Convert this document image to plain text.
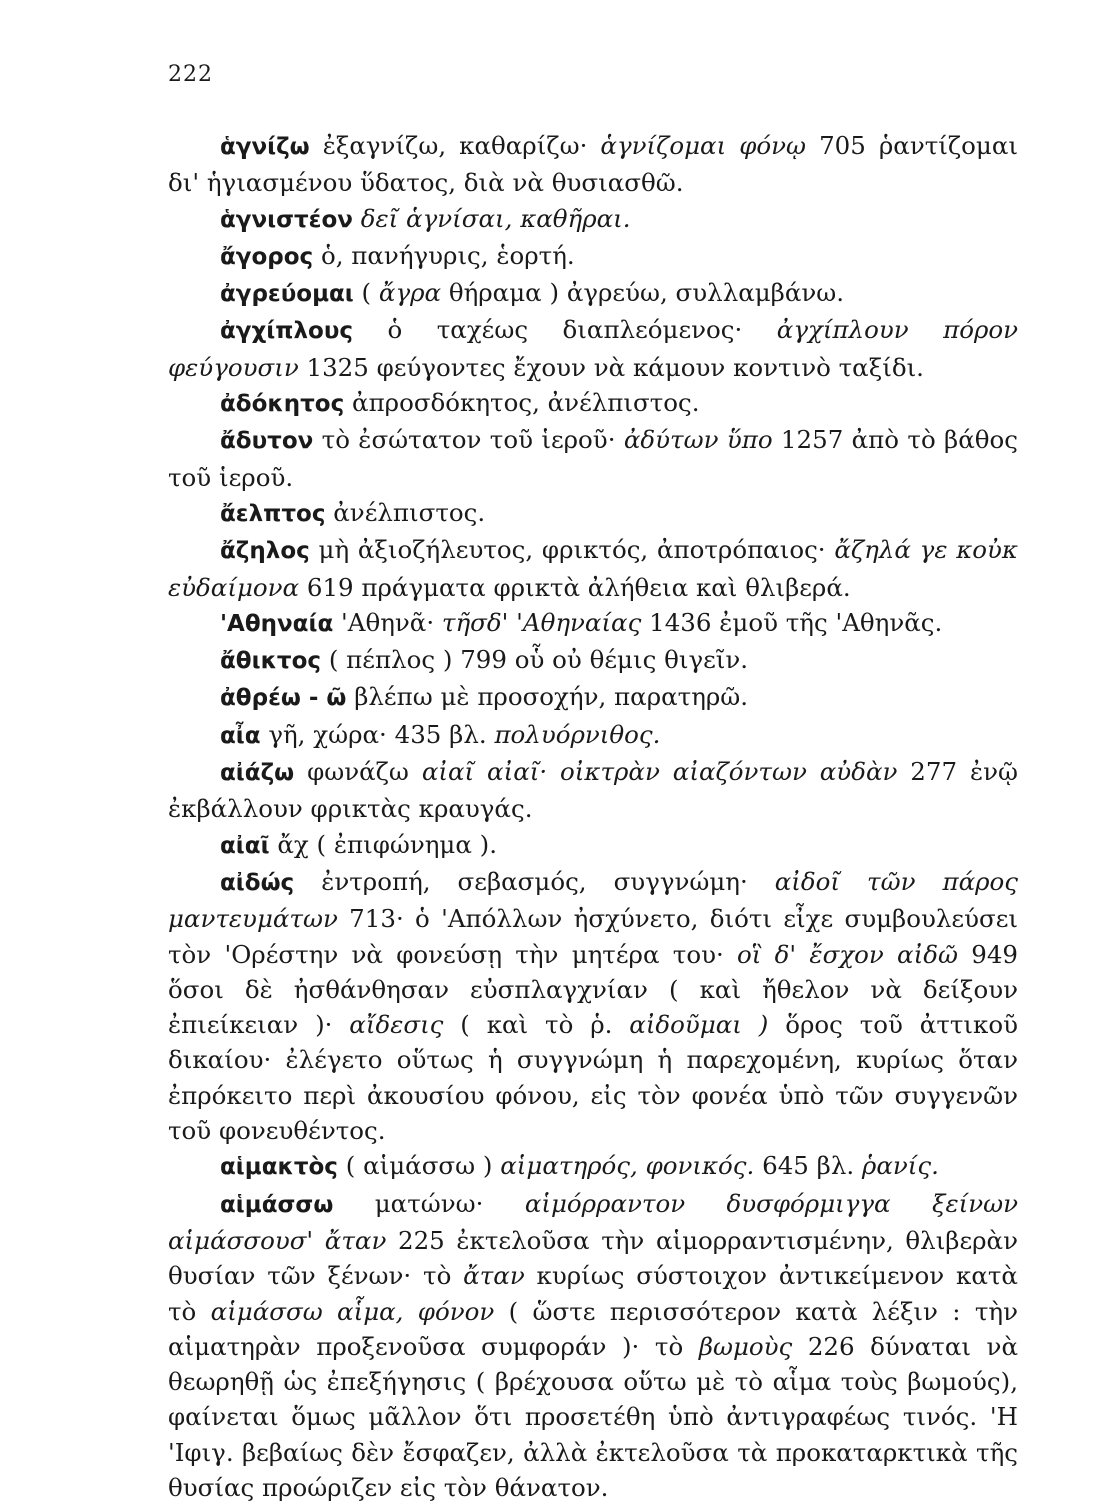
222

ἁγνίζω ἐξαγνίζω, καθαρίζω· ἁγνίζομαι φόνῳ 705 ῥαντίζομαι δι' ἡγιασμένου ὕδατος, διὰ νὰ θυσιασθῶ.

ἁγνιστέον δεῖ ἁγνίσαι, καθῆραι.

ἄγορος ὁ, πανήγυρις, ἑορτή.

ἀγρεύομαι ( ἄγρα θήραμα ) ἀγρεύω, συλλαμβάνω.

ἀγχίπλους ὁ ταχέως διαπλεόμενος· ἀγχίπλουν πόρον φεύγουσιν 1325 φεύγοντες ἔχουν νὰ κάμουν κοντινὸ ταξίδι.

ἀδόκητος ἀπροσδόκητος, ἀνέλπιστος.

ἄδυτον τὸ ἐσώτατον τοῦ ἱεροῦ· ἀδύτων ὕπο 1257 ἀπὸ τὸ βάθος τοῦ ἱεροῦ.

ἄελπτος ἀνέλπιστος.

ἄζηλος μὴ ἀξιοζήλευτος, φρικτός, ἀποτρόπαιος· ἄζηλά γε κοὐκ εὐδαίμονα 619 πράγματα φρικτὰ ἀλήθεια καὶ θλιβερά.

'Αθηναία 'Αθηνᾶ· τῆσδ' 'Αθηναίας 1436 ἐμοῦ τῆς 'Αθηνᾶς.

ἄθικτος ( πέπλος ) 799 οὗ οὐ θέμις θιγεῖν.

ἀθρέω - ῶ βλέπω μὲ προσοχήν, παρατηρῶ.

αἶα γῆ, χώρα· 435 βλ. πολυόρνιθος.

αἰάζω φωνάζω αἰαῖ αἰαῖ· οἰκτρὰν αἰαζόντων αὐδὰν 277 ἐνῷ ἐκβάλλουν φρικτὰς κραυγάς.

αἰαῖ ἄχ ( ἐπιφώνημα ).

αἰδώς ἐντροπή, σεβασμός, συγγνώμη· αἰδοῖ τῶν πάρος μαντευμάτων 713· ὁ 'Απόλλων ἠσχύνετο, διότι εἶχε συμβουλεύσει τὸν 'Ορέστην νὰ φονεύσῃ τὴν μητέρα του· οἳ δ' ἔσχον αἰδῶ 949 ὅσοι δὲ ἠσθάνθησαν εὐσπλαγχνίαν ( καὶ ἤθελον νὰ δείξουν ἐπιείκειαν )· αἴδεσις ( καὶ τὸ ῥ. αἰδοῦμαι ) ὅρος τοῦ ἀττικοῦ δικαίου· ἐλέγετο οὕτως ἡ συγγνώμη ἡ παρεχομένη, κυρίως ὅταν ἐπρόκειτο περὶ ἀκουσίου φόνου, εἰς τὸν φονέα ὑπὸ τῶν συγγενῶν τοῦ φονευθέντος.

αἱμακτὸς ( αἱμάσσω ) αἱματηρός, φονικός. 645 βλ. ῥανίς.

αἱμάσσω ματώνω· αἱμόρραντον δυσφόρμιγγα ξείνων αἱμάσσουσ' ἄταν 225 ἐκτελοῦσα τὴν αἱμορραντισμένην, θλιβερὰν θυσίαν τῶν ξένων· τὸ ἄταν κυρίως σύστοιχον ἀντικείμενον κατὰ τὸ αἱμάσσω αἷμα, φόνον ( ὥστε περισσότερον κατὰ λέξιν : τὴν αἱματηρὰν προξενοῦσα συμφοράν )· τὸ βωμοὺς 226 δύναται νὰ θεωρηθῇ ὡς ἐπεξήγησις ( βρέχουσα οὕτω μὲ τὸ αἷμα τοὺς βωμούς), φαίνεται ὅμως μᾶλλον ὅτι προσετέθη ὑπὸ ἀντιγραφέως τινός. 'Η 'Ιφιγ. βεβαίως δὲν ἔσφαζεν, ἀλλὰ ἐκτελοῦσα τὰ προκαταρκτικὰ τῆς θυσίας προώριζεν εἰς τὸν θάνατον.
